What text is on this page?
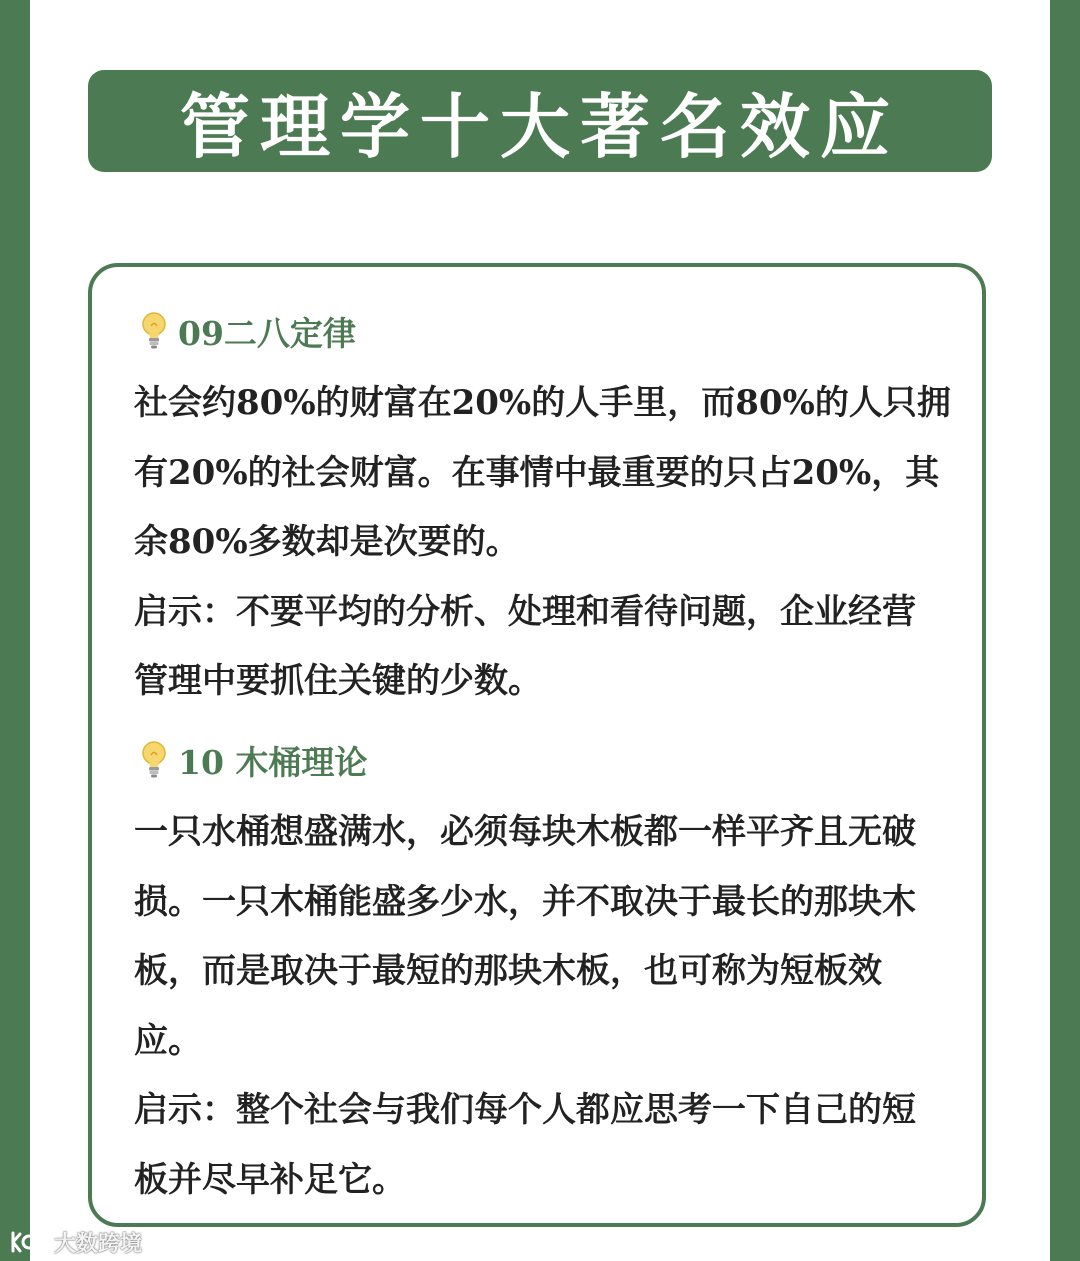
管理学十大著名效应
09二八定律
社会约80%的财富在20%的人手里，而80%的人只拥
有20%的社会财富。在事情中最重要的只占20%，其
余80%多数却是次要的。
启示：不要平均的分析、处理和看待问题，企业经营
管理中要抓住关键的少数。
10 木桶理论
一只水桶想盛满水，必须每块木板都一样平齐且无破
损。一只木桶能盛多少水，并不取决于最长的那块木
板，而是取决于最短的那块木板，也可称为短板效
应。
启示：整个社会与我们每个人都应思考一下自己的短
板并尽早补足它。
大数跨境
